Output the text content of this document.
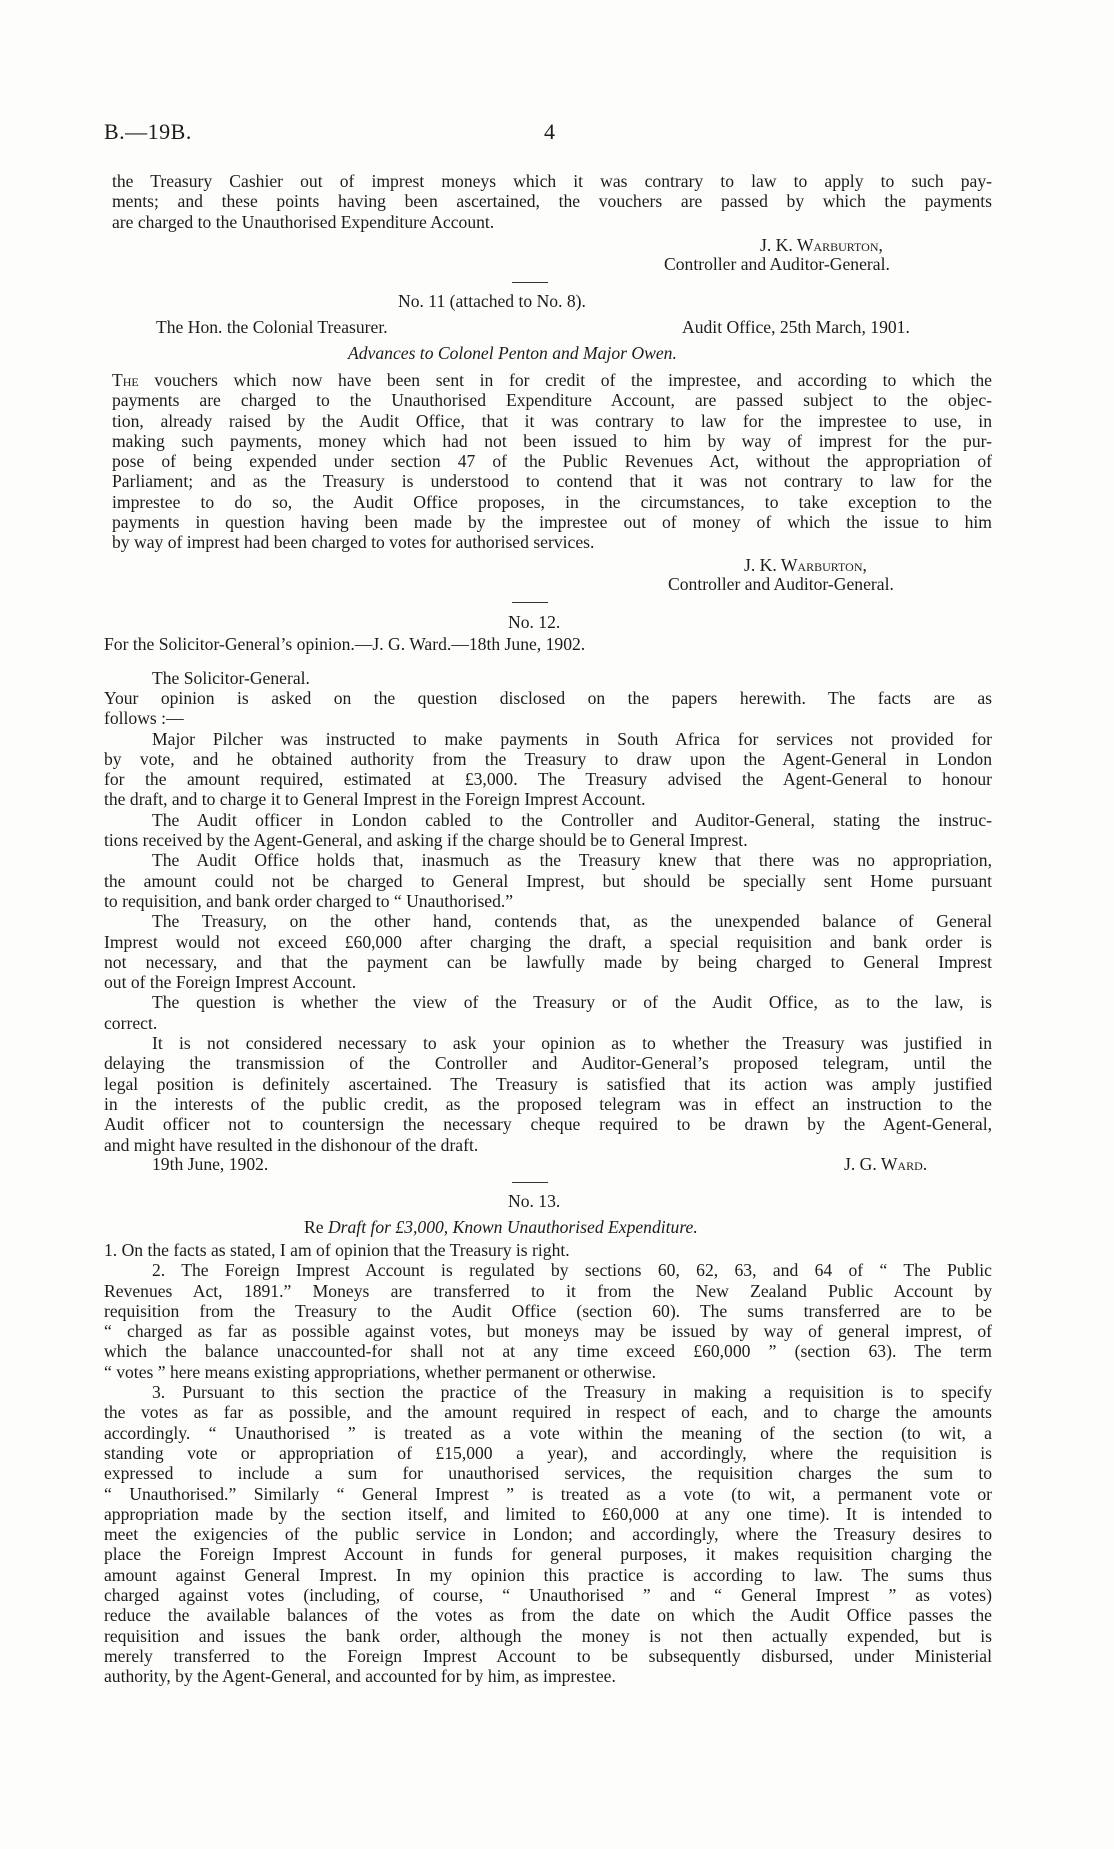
B.—19B.	4
the Treasury Cashier out of imprest moneys which it was contrary to law to apply to such pay-
ments; and these points having been ascertained, the vouchers are passed by which the payments
are charged to the Unauthorised Expenditure Account.
J. K. Warburton,
Controller and Auditor-General.
No. 11 (attached to No. 8).
The Hon. the Colonial Treasurer.	Audit Office, 25th March, 1901.
Advances to Colonel Penton and Major Owen.
The vouchers which now have been sent in for credit of the imprestee, and according to which the
payments are charged to the Unauthorised Expenditure Account, are passed subject to the objec-
tion, already raised by the Audit Office, that it was contrary to law for the imprestee to use, in
making such payments, money which had not been issued to him by way of imprest for the pur-
pose of being expended under section 47 of the Public Revenues Act, without the appropriation of
Parliament; and as the Treasury is understood to contend that it was not contrary to law for the
imprestee to do so, the Audit Office proposes, in the circumstances, to take exception to the
payments in question having been made by the imprestee out of money of which the issue to him
by way of imprest had been charged to votes for authorised services.
J. K. Warburton,
Controller and Auditor-General.
No. 12.
For the Solicitor-General’s opinion.—J. G. Ward.—18th June, 1902.
The Solicitor-General.
Your opinion is asked on the question disclosed on the papers herewith. The facts are as
follows :—
Major Pilcher was instructed to make payments in South Africa for services not provided for
by vote, and he obtained authority from the Treasury to draw upon the Agent-General in London
for the amount required, estimated at £3,000. The Treasury advised the Agent-General to honour
the draft, and to charge it to General Imprest in the Foreign Imprest Account.
The Audit officer in London cabled to the Controller and Auditor-General, stating the instruc-
tions received by the Agent-General, and asking if the charge should be to General Imprest.
The Audit Office holds that, inasmuch as the Treasury knew that there was no appropriation,
the amount could not be charged to General Imprest, but should be specially sent Home pursuant
to requisition, and bank order charged to “ Unauthorised.”
The Treasury, on the other hand, contends that, as the unexpended balance of General
Imprest would not exceed £60,000 after charging the draft, a special requisition and bank order is
not necessary, and that the payment can be lawfully made by being charged to General Imprest
out of the Foreign Imprest Account.
The question is whether the view of the Treasury or of the Audit Office, as to the law, is
correct.
It is not considered necessary to ask your opinion as to whether the Treasury was justified in
delaying the transmission of the Controller and Auditor-General’s proposed telegram, until the
legal position is definitely ascertained. The Treasury is satisfied that its action was amply justified
in the interests of the public credit, as the proposed telegram was in effect an instruction to the
Audit officer not to countersign the necessary cheque required to be drawn by the Agent-General,
and might have resulted in the dishonour of the draft.
19th June, 1902.	J. G. Ward.
No. 13.
Re Draft for £3,000, Known Unauthorised Expenditure.
1. On the facts as stated, I am of opinion that the Treasury is right.
2. The Foreign Imprest Account is regulated by sections 60, 62, 63, and 64 of “ The Public
Revenues Act, 1891.” Moneys are transferred to it from the New Zealand Public Account by
requisition from the Treasury to the Audit Office (section 60). The sums transferred are to be
“ charged as far as possible against votes, but moneys may be issued by way of general imprest, of
which the balance unaccounted-for shall not at any time exceed £60,000 ” (section 63). The term
“ votes ” here means existing appropriations, whether permanent or otherwise.
3. Pursuant to this section the practice of the Treasury in making a requisition is to specify
the votes as far as possible, and the amount required in respect of each, and to charge the amounts
accordingly. “ Unauthorised ” is treated as a vote within the meaning of the section (to wit, a
standing vote or appropriation of £15,000 a year), and accordingly, where the requisition is
expressed to include a sum for unauthorised services, the requisition charges the sum to
“ Unauthorised.” Similarly “ General Imprest ” is treated as a vote (to wit, a permanent vote or
appropriation made by the section itself, and limited to £60,000 at any one time). It is intended to
meet the exigencies of the public service in London; and accordingly, where the Treasury desires to
place the Foreign Imprest Account in funds for general purposes, it makes requisition charging the
amount against General Imprest. In my opinion this practice is according to law. The sums thus
charged against votes (including, of course, “ Unauthorised ” and “ General Imprest ” as votes)
reduce the available balances of the votes as from the date on which the Audit Office passes the
requisition and issues the bank order, although the money is not then actually expended, but is
merely transferred to the Foreign Imprest Account to be subsequently disbursed, under Ministerial
authority, by the Agent-General, and accounted for by him, as imprestee.
